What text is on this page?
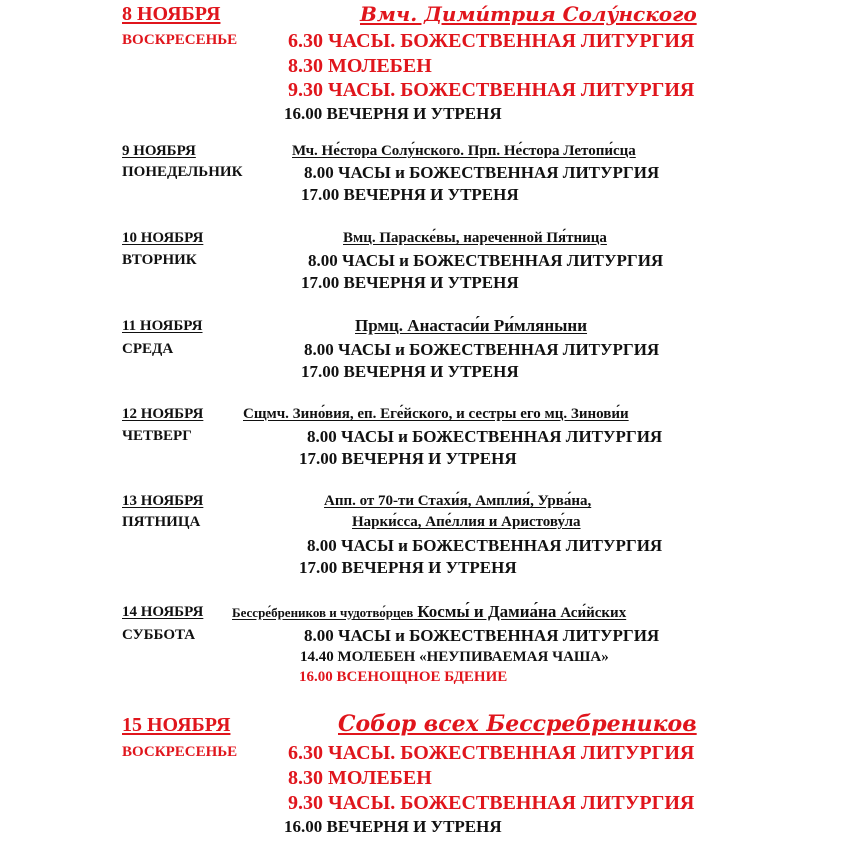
8 НОЯБРЯ	Вмч. Дими́трия Солу́нского
ВОСКРЕСЕНЬЕ	6.30 ЧАСЫ. БОЖЕСТВЕННАЯ ЛИТУРГИЯ
8.30 МОЛЕБЕН
9.30 ЧАСЫ. БОЖЕСТВЕННАЯ ЛИТУРГИЯ
16.00 ВЕЧЕРНЯ И УТРЕНЯ
9 НОЯБРЯ	Мч. Не́стора Солу́нского. Прп. Не́стора Летопи́сца
ПОНЕДЕЛЬНИК	8.00 ЧАСЫ и БОЖЕСТВЕННАЯ ЛИТУРГИЯ
17.00 ВЕЧЕРНЯ И УТРЕНЯ
10 НОЯБРЯ	Вмц. Параске́вы, нареченной Пя́тница
ВТОРНИК	8.00 ЧАСЫ и БОЖЕСТВЕННАЯ ЛИТУРГИЯ
17.00 ВЕЧЕРНЯ И УТРЕНЯ
11 НОЯБРЯ	Прмц. Анастаси́и Ри́мляныни
СРЕДА	8.00 ЧАСЫ и БОЖЕСТВЕННАЯ ЛИТУРГИЯ
17.00 ВЕЧЕРНЯ И УТРЕНЯ
12 НОЯБРЯ	Сщмч. Зино́вия, еп. Еге́йского, и сестры его мц. Зинови́и
ЧЕТВЕРГ	8.00 ЧАСЫ и БОЖЕСТВЕННАЯ ЛИТУРГИЯ
17.00 ВЕЧЕРНЯ И УТРЕНЯ
13 НОЯБРЯ	Апп. от 70-ти Стахи́я, Амплия́, Урва́на,
ПЯТНИЦА	Нарки́сса, Апе́ллия и Аристову́ла
8.00 ЧАСЫ и БОЖЕСТВЕННАЯ ЛИТУРГИЯ
17.00 ВЕЧЕРНЯ И УТРЕНЯ
14 НОЯБРЯ Бессре́бреников и чудотво́рцев Космы́ и Дамиа́на Аси́йских
СУББОТА	8.00 ЧАСЫ и БОЖЕСТВЕННАЯ ЛИТУРГИЯ
14.40 МОЛЕБЕН «НЕУПИВАЕМАЯ ЧАША»
16.00 ВСЕНОЩНОЕ БДЕНИЕ
15 НОЯБРЯ	Собор всех Бессребреников
ВОСКРЕСЕНЬЕ	6.30 ЧАСЫ. БОЖЕСТВЕННАЯ ЛИТУРГИЯ
8.30 МОЛЕБЕН
9.30 ЧАСЫ. БОЖЕСТВЕННАЯ ЛИТУРГИЯ
16.00 ВЕЧЕРНЯ И УТРЕНЯ
